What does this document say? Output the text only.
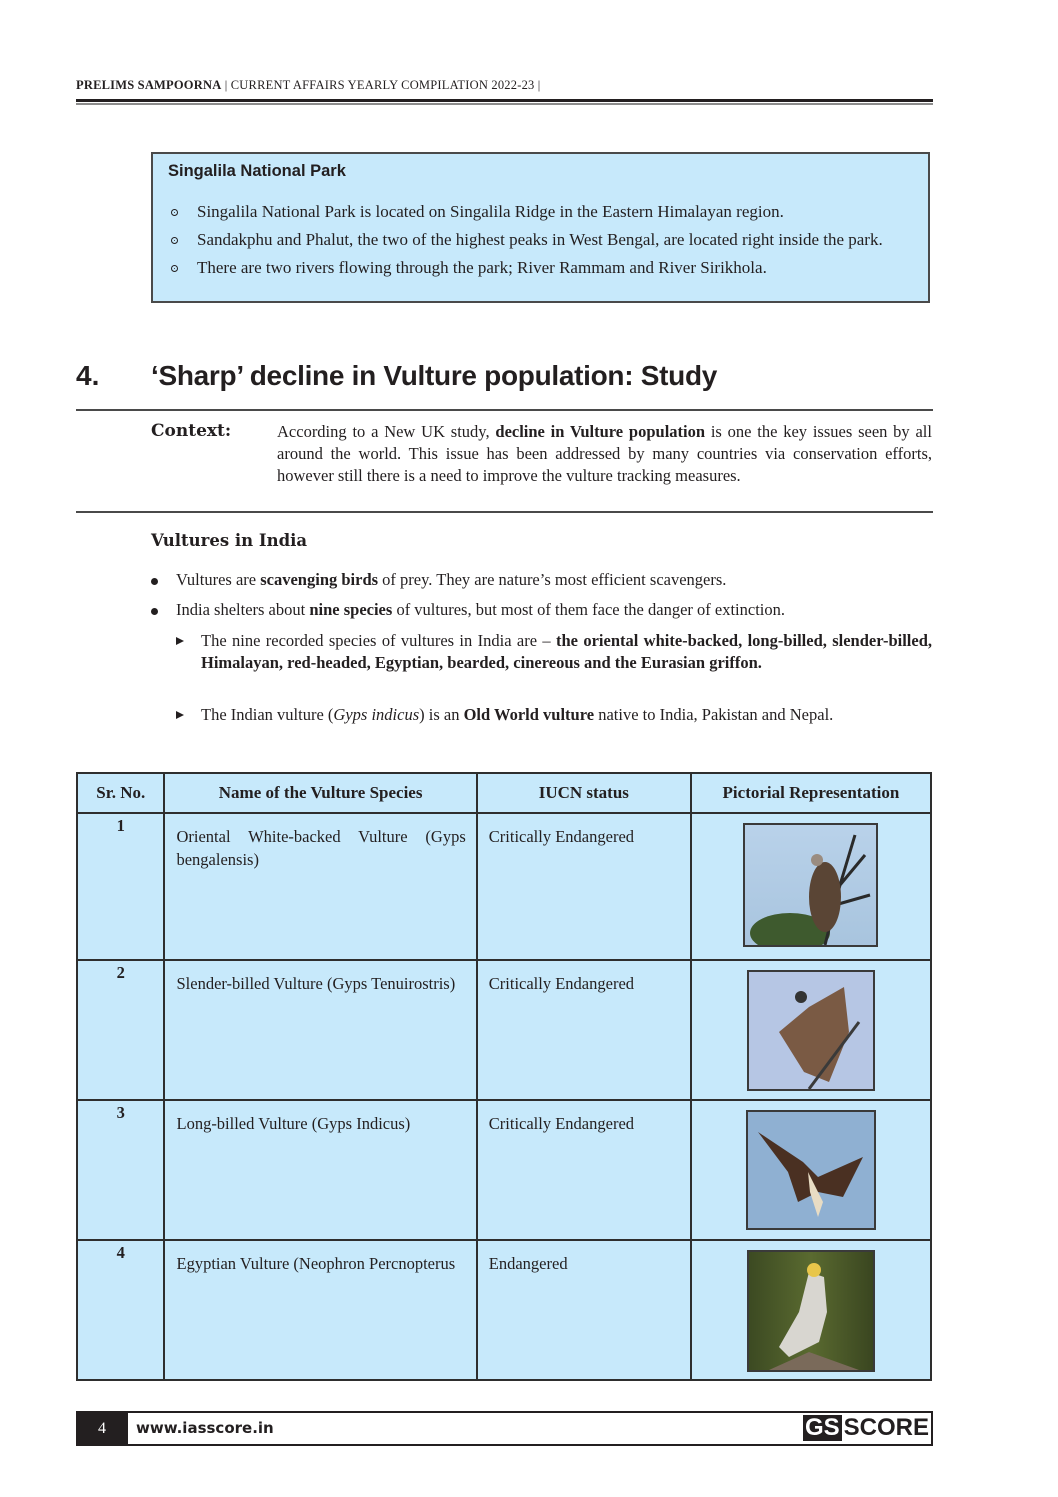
PRELIMS SAMPOORNA | CURRENT AFFAIRS YEARLY COMPILATION 2022-23 |
Singalila National Park
Singalila National Park is located on Singalila Ridge in the Eastern Himalayan region.
Sandakphu and Phalut, the two of the highest peaks in West Bengal, are located right inside the park.
There are two rivers flowing through the park; River Rammam and River Sirikhola.
4. ‘Sharp’ decline in Vulture population: Study
Context:	According to a New UK study, decline in Vulture population is one the key issues seen by all around the world. This issue has been addressed by many countries via conservation efforts, however still there is a need to improve the vulture tracking measures.
Vultures in India
Vultures are scavenging birds of prey. They are nature’s most efficient scavengers.
India shelters about nine species of vultures, but most of them face the danger of extinction.
The nine recorded species of vultures in India are – the oriental white-backed, long-billed, slender-billed, Himalayan, red-headed, Egyptian, bearded, cinereous and the Eurasian griffon.
The Indian vulture (Gyps indicus) is an Old World vulture native to India, Pakistan and Nepal.
Sr. No.	Name of the Vulture Species	IUCN status	Pictorial Representation
1	Oriental White-backed Vulture (Gyps bengalensis)	Critically Endangered

2	Slender-billed Vulture (Gyps Tenuirostris)	Critically Endangered

3	Long-billed Vulture (Gyps Indicus)	Critically Endangered

4	Egyptian Vulture (Neophron Percnopterus	Endangered

4	www.iasscore.in	GS SCORE
